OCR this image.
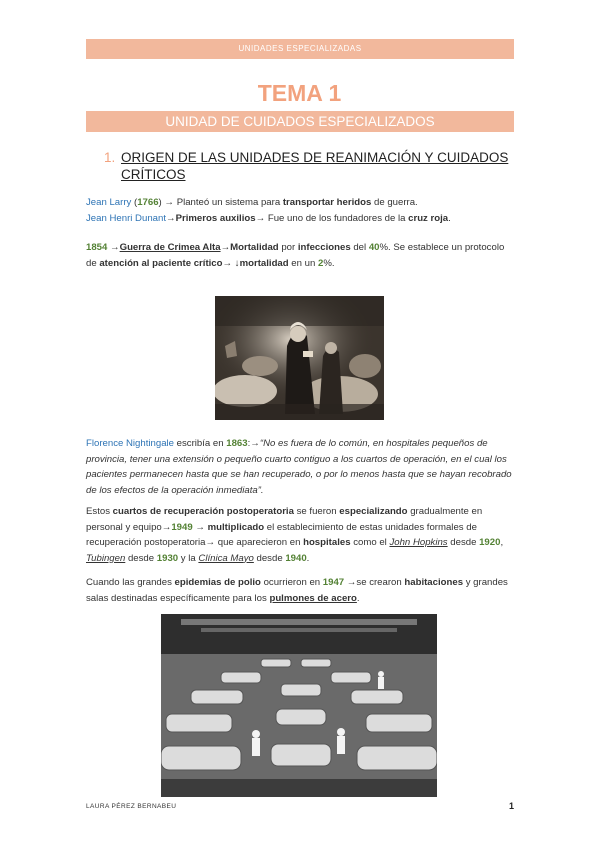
UNIDADES ESPECIALIZADAS
TEMA 1
UNIDAD DE CUIDADOS ESPECIALIZADOS
1. ORIGEN DE LAS UNIDADES DE REANIMACIÓN Y CUIDADOS CRÍTICOS
Jean Larry (1766) → Planteó un sistema para transportar heridos de guerra.
Jean Henri Dunant→Primeros auxilios→ Fue uno de los fundadores de la cruz roja.
1854 →Guerra de Crimea Alta→Mortalidad por infecciones del 40%. Se establece un protocolo de atención al paciente crítico→ ↓mortalidad en un 2%.
Florence Nightingale escribía en 1863:→“No es fuera de lo común, en hospitales pequeños de provincia, tener una extensión o pequeño cuarto contiguo a los cuartos de operación, en el cual los pacientes permanecen hasta que se han recuperado, o por lo menos hasta que se hayan recobrado de los efectos de la operación inmediata”.
Estos cuartos de recuperación postoperatoria se fueron especializando gradualmente en personal y equipo→1949 → multiplicado el establecimiento de estas unidades formales de recuperación postoperatoria→ que aparecieron en hospitales como el John Hopkins desde 1920, Tubingen desde 1930 y la Clínica Mayo desde 1940.
Cuando las grandes epidemias de polio ocurrieron en 1947 →se crearon habitaciones y grandes salas destinadas específicamente para los pulmones de acero.
LAURA PÉREZ BERNABEU	1
